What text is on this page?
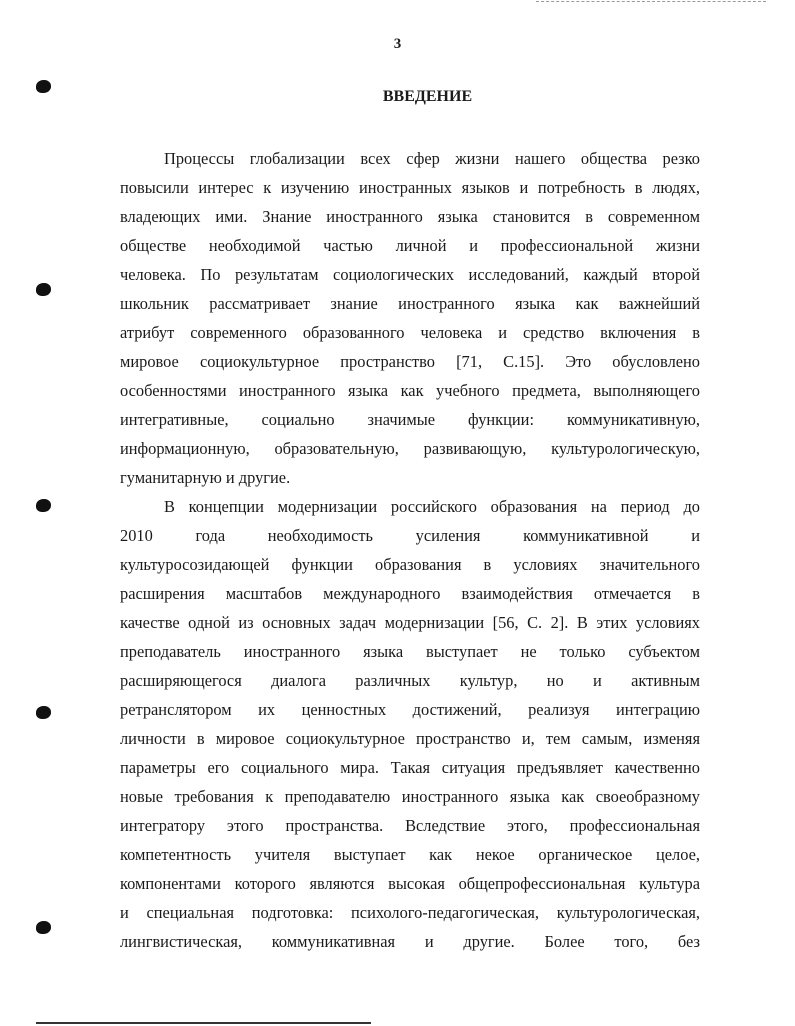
3
ВВЕДЕНИЕ
Процессы глобализации всех сфер жизни нашего общества резко
повысили интерес к изучению иностранных языков и потребность в людях,
владеющих ими. Знание иностранного языка становится в современном
обществе необходимой частью личной и профессиональной жизни
человека. По результатам социологических исследований, каждый второй
школьник рассматривает знание иностранного языка как важнейший
атрибут современного образованного человека и средство включения в
мировое социокультурное пространство [71, С.15]. Это обусловлено
особенностями иностранного языка как учебного предмета, выполняющего
интегративные, социально значимые функции: коммуникативную,
информационную, образовательную, развивающую, культурологическую,
гуманитарную и другие.
В концепции модернизации российского образования на период до
2010 года необходимость усиления коммуникативной и
культуросозидающей функции образования в условиях значительного
расширения масштабов международного взаимодействия отмечается в
качестве одной из основных задач модернизации [56, С. 2]. В этих условиях
преподаватель иностранного языка выступает не только субъектом
расширяющегося диалога различных культур, но и активным
ретранслятором их ценностных достижений, реализуя интеграцию
личности в мировое социокультурное пространство и, тем самым, изменяя
параметры его социального мира. Такая ситуация предъявляет качественно
новые требования к преподавателю иностранного языка как своеобразному
интегратору этого пространства. Вследствие этого, профессиональная
компетентность учителя выступает как некое органическое целое,
компонентами которого являются высокая общепрофессиональная культура
и специальная подготовка: психолого-педагогическая, культурологическая,
лингвистическая, коммуникативная и другие. Более того, без
